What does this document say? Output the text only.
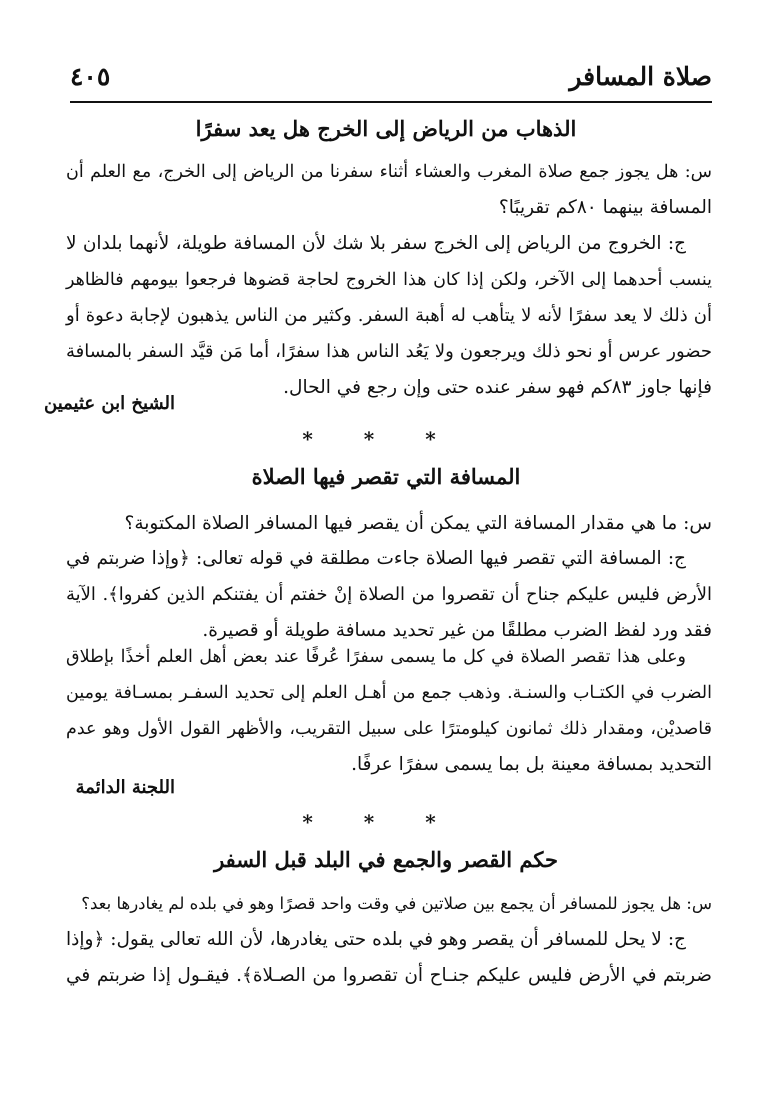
صلاة المسافر
٤٠٥
الذهاب من الرياض إلى الخرج هل يعد سفرًا
س: هل يجوز جمع صلاة المغرب والعشاء أثناء سفرنا من الرياض إلى الخرج، مع العلم أن
المسافة بينهما ٨٠كم تقريبًا؟
ج: الخروج من الرياض إلى الخرج سفر بلا شك لأن المسافة طويلة، لأنهما بلدان لا
ينسب أحدهما إلى الآخر، ولكن إذا كان هذا الخروج لحاجة قضوها فرجعوا بيومهم فالظاهر
أن ذلك لا يعد سفرًا لأنه لا يتأهب له أهبة السفر. وكثير من الناس يذهبون لإجابة دعوة أو
حضور عرس أو نحو ذلك ويرجعون ولا يَعُد الناس هذا سفرًا، أما مَن قيَّد السفر بالمسافة
فإنها جاوز ٨٣كم فهو سفر عنده حتى وإن رجع في الحال.
الشيخ ابن عثيمين
* * *
المسافة التي تقصر فيها الصلاة
س: ما هي مقدار المسافة التي يمكن أن يقصر فيها المسافر الصلاة المكتوبة؟
ج: المسافة التي تقصر فيها الصلاة جاءت مطلقة في قوله تعالى: ﴿وإذا ضربتم في
الأرض فليس عليكم جناح أن تقصروا من الصلاة إنْ خفتم أن يفتنكم الذين كفروا﴾. الآية
فقد ورد لفظ الضرب مطلقًا من غير تحديد مسافة طويلة أو قصيرة.
وعلى هذا تقصر الصلاة في كل ما يسمى سفرًا عُرفًا عند بعض أهل العلم أخذًا بإطلاق
الضرب في الكتـاب والسنـة. وذهب جمع من أهـل العلم إلى تحديد السفـر بمسـافة يومين
قاصديْن، ومقدار ذلك ثمانون كيلومترًا على سبيل التقريب، والأظهر القول الأول وهو عدم
التحديد بمسافة معينة بل بما يسمى سفرًا عرفًا.
اللجنة الدائمة
* * *
حكم القصر والجمع في البلد قبل السفر
س: هل يجوز للمسافر أن يجمع بين صلاتين في وقت واحد قصرًا وهو في بلده لم يغادرها بعد؟
ج: لا يحل للمسافر أن يقصر وهو في بلده حتى يغادرها، لأن الله تعالى يقول: ﴿وإذا
ضربتم في الأرض فليس عليكم جنـاح أن تقصروا من الصـلاة﴾. فيقـول إذا ضربتم في
